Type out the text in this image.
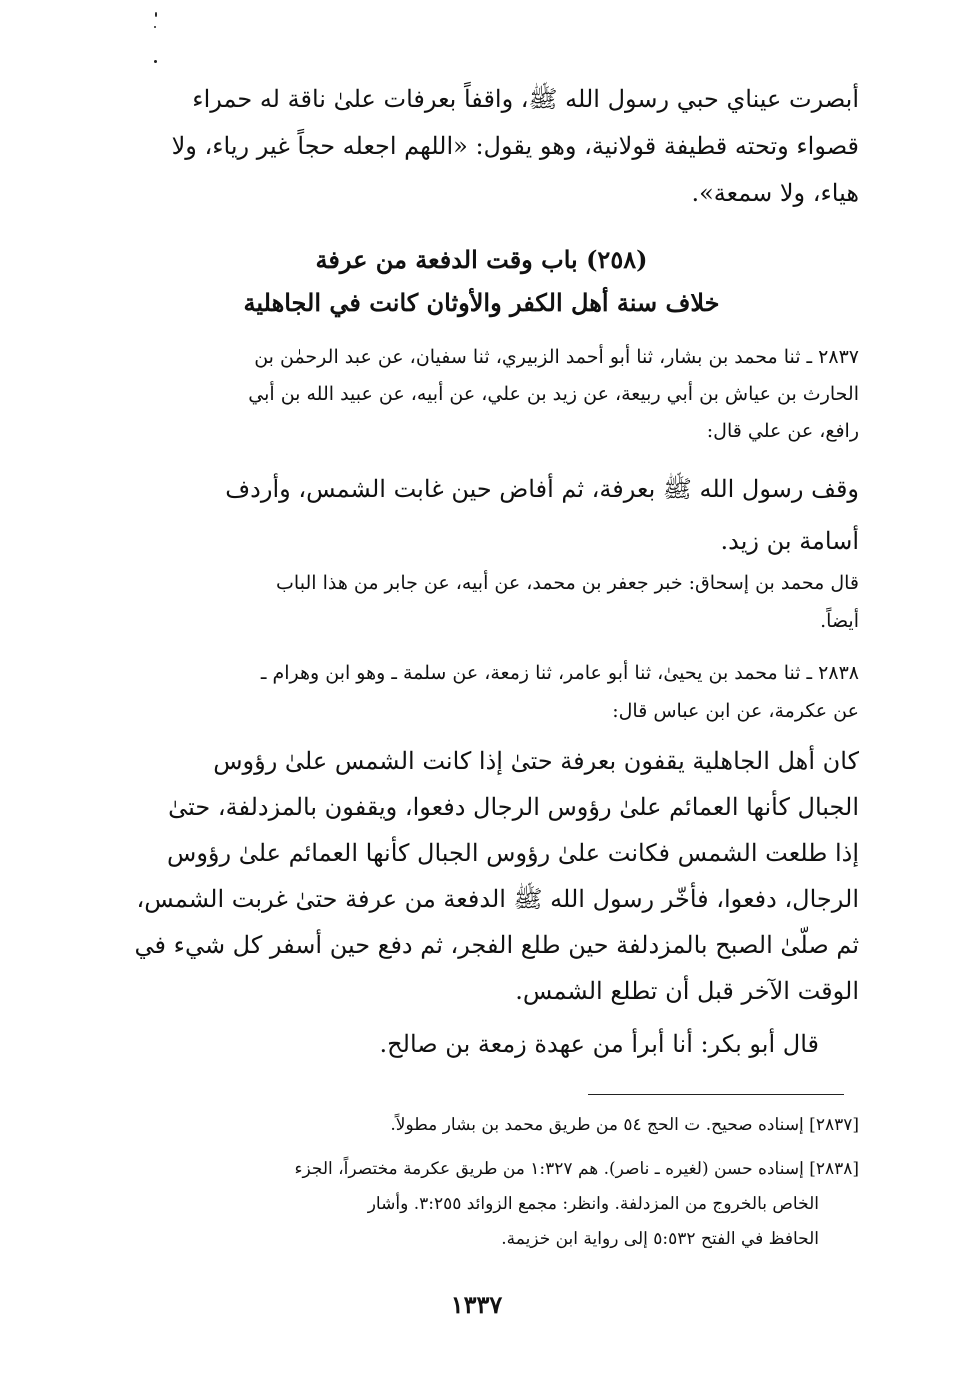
أبصرت عيناي حبي رسول الله ﷺ، واقفاً بعرفات علىٰ ناقة له حمراء
قصواء وتحته قطيفة قولانية، وهو يقول: «اللهم اجعله حجاً غير رياء، ولا
هياء، ولا سمعة».
(٢٥٨) باب وقت الدفعة من عرفة
خلاف سنة أهل الكفر والأوثان كانت في الجاهلية
٢٨٣٧ ـ ثنا محمد بن بشار، ثنا أبو أحمد الزبيري، ثنا سفيان، عن عبد الرحمٰن بن
الحارث بن عياش بن أبي ربيعة، عن زيد بن علي، عن أبيه، عن عبيد الله بن أبي
رافع، عن علي قال:
وقف رسول الله ﷺ بعرفة، ثم أفاض حين غابت الشمس، وأردف
أسامة بن زيد.
قال محمد بن إسحاق: خبر جعفر بن محمد، عن أبيه، عن جابر من هذا الباب
أيضاً.
٢٨٣٨ ـ ثنا محمد بن يحيىٰ، ثنا أبو عامر، ثنا زمعة، عن سلمة ـ وهو ابن وهرام ـ
عن عكرمة، عن ابن عباس قال:
كان أهل الجاهلية يقفون بعرفة حتىٰ إذا كانت الشمس علىٰ رؤوس
الجبال كأنها العمائم علىٰ رؤوس الرجال دفعوا، ويقفون بالمزدلفة، حتىٰ
إذا طلعت الشمس فكانت علىٰ رؤوس الجبال كأنها العمائم علىٰ رؤوس
الرجال، دفعوا، فأخّر رسول الله ﷺ الدفعة من عرفة حتىٰ غربت الشمس،
ثم صلّىٰ الصبح بالمزدلفة حين طلع الفجر، ثم دفع حين أسفر كل شيء في
الوقت الآخر قبل أن تطلع الشمس.
قال أبو بكر: أنا أبرأ من عهدة زمعة بن صالح.
[٢٨٣٧] إسناده صحيح. ت الحج ٥٤ من طريق محمد بن بشار مطولاً.
[٢٨٣٨] إسناده حسن (لغيره ـ ناصر). هم ١:٣٢٧ من طريق عكرمة مختصراً، الجزء
الخاص بالخروج من المزدلفة. وانظر: مجمع الزوائد ٣:٢٥٥. وأشار
الحافظ في الفتح ٥:٥٣٢ إلى رواية ابن خزيمة.
١٣٣٧
